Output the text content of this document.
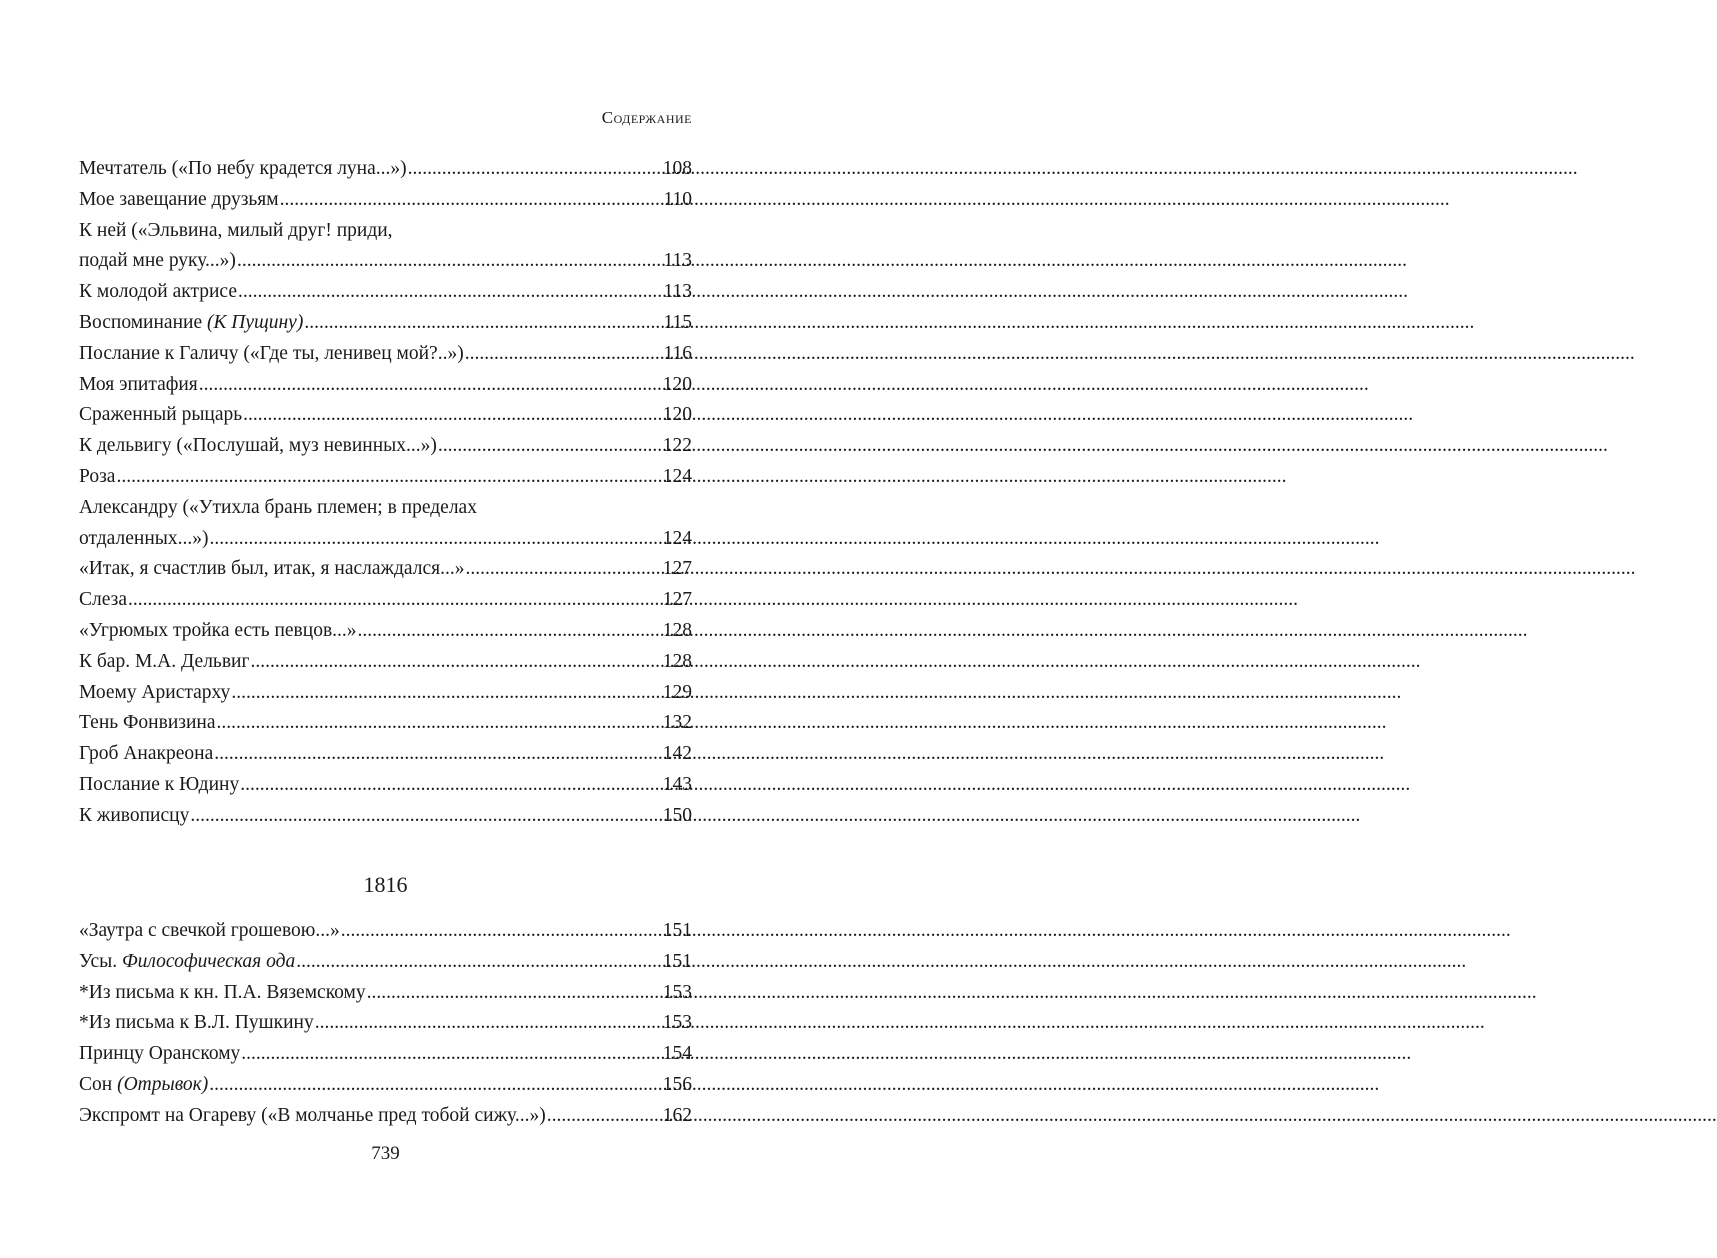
Содержание
Мечтатель («По небу крадется луна...») .....	108
Мое завещание друзьям .....	110
К ней («Эльвина, милый друг! приди,
подай мне руку...») .....	113
К молодой актрисе .....	113
Воспоминание (К Пущину) .....	115
Послание к Галичу («Где ты, ленивец мой?..») .....	116
Моя эпитафия .....	120
Сраженный рыцарь .....	120
К дельвигу («Послушай, муз невинных...») .....	122
Роза .....	124
Александру («Утихла брань племен; в пределах
отдаленных...») .....	124
«Итак, я счастлив был, итак, я наслаждался...» .....	127
Слеза .....	127
«Угрюмых тройка есть певцов...» .....	128
К бар. М.А. Дельвиг .....	128
Моему Аристарху .....	129
Тень Фонвизина .....	132
Гроб Анакреона .....	142
Послание к Юдину .....	143
К живописцу .....	150
1816
«Заутра с свечкой грошевою...» .....	151
Усы. Философическая ода .....	151
*Из письма к кн. П.А. Вяземскому .....	153
*Из письма к В.Л. Пушкину .....	153
Принцу Оранскому .....	154
Сон (Отрывок) .....	156
Экспромт на Огареву («В молчанье пред тобой сижу...») .....	162
739
